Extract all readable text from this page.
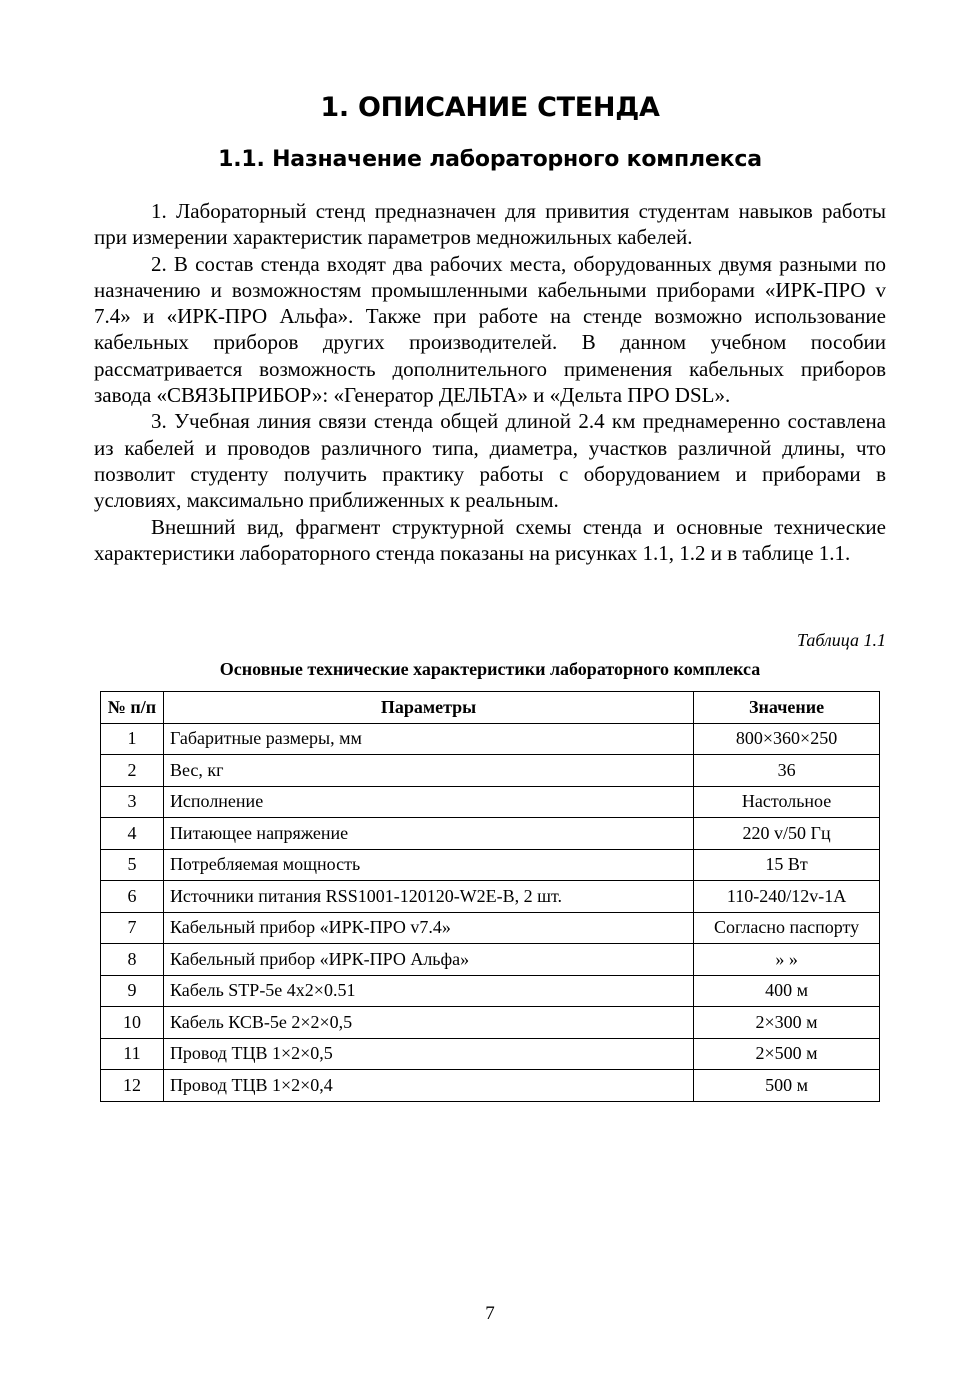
1. ОПИСАНИЕ СТЕНДА
1.1. Назначение лабораторного комплекса

1. Лабораторный стенд предназначен для привития студентам навыков работы при измерении характеристик параметров медножильных кабелей.

2. В состав стенда входят два рабочих места, оборудованных двумя разными по назначению и возможностям промышленными кабельными приборами «ИРК-ПРО v 7.4» и «ИРК-ПРО Альфа». Также при работе на стенде возможно использование кабельных приборов других производителей. В данном учебном пособии рассматривается возможность дополнительного применения кабельных приборов завода «СВЯЗЬПРИБОР»: «Генератор ДЕЛЬТА» и «Дельта ПРО DSL».

3. Учебная линия связи стенда общей длиной 2.4 км преднамеренно составлена из кабелей и проводов различного типа, диаметра, участков различной длины, что позволит студенту получить практику работы с оборудованием и приборами в условиях, максимально приближенных к реальным.

Внешний вид, фрагмент структурной схемы стенда и основные технические характеристики лабораторного стенда показаны на рисунках 1.1, 1.2 и в таблице 1.1.

Таблица 1.1
Основные технические характеристики лабораторного комплекса
№ п/п	Параметры	Значение
1	Габаритные размеры, мм	800×360×250
2	Вес, кг	36
3	Исполнение	Настольное
4	Питающее напряжение	220 v/50 Гц
5	Потребляемая мощность	15 Вт
6	Источники питания RSS1001-120120-W2E-B, 2 шт.	110-240/12v-1A
7	Кабельный прибор «ИРК-ПРО v7.4»	Согласно паспорту
8	Кабельный прибор «ИРК-ПРО Альфа»	» »
9	Кабель STP-5e 4x2×0.51	400 м
10	Кабель КСВ-5е 2×2×0,5	2×300 м
11	Провод ТЦВ 1×2×0,5	2×500 м
12	Провод ТЦВ 1×2×0,4	500 м
7
